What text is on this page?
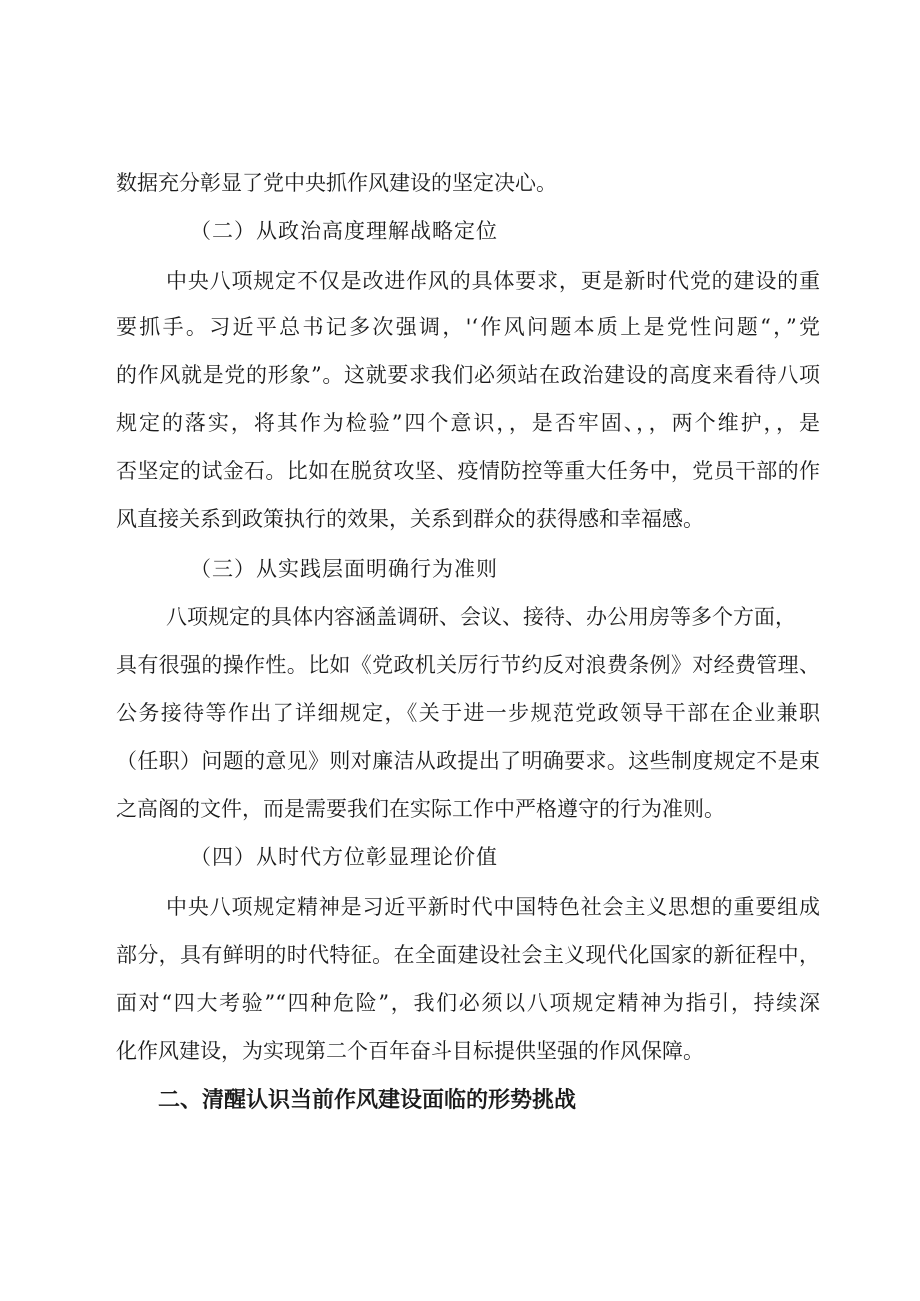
数据充分彰显了党中央抓作风建设的坚定决心。
（二）从政治高度理解战略定位
中央八项规定不仅是改进作风的具体要求，更是新时代党的建设的重
要抓手。习近平总书记多次强调，'‘作风问题本质上是党性问题“，”党
的作风就是党的形象”。这就要求我们必须站在政治建设的高度来看待八项
规定的落实，将其作为检验”四个意识，，是否牢固、，，两个维护，，是
否坚定的试金石。比如在脱贫攻坚、疫情防控等重大任务中，党员干部的作
风直接关系到政策执行的效果，关系到群众的获得感和幸福感。
（三）从实践层面明确行为准则
八项规定的具体内容涵盖调研、会议、接待、办公用房等多个方面，
具有很强的操作性。比如《党政机关厉行节约反对浪费条例》对经费管理、
公务接待等作出了详细规定，《关于进一步规范党政领导干部在企业兼职
（任职）问题的意见》则对廉洁从政提出了明确要求。这些制度规定不是束
之高阁的文件，而是需要我们在实际工作中严格遵守的行为准则。
（四）从时代方位彰显理论价值
中央八项规定精神是习近平新时代中国特色社会主义思想的重要组成
部分，具有鲜明的时代特征。在全面建设社会主义现代化国家的新征程中，
面对“四大考验”“四种危险”，我们必须以八项规定精神为指引，持续深
化作风建设，为实现第二个百年奋斗目标提供坚强的作风保障。
二、清醒认识当前作风建设面临的形势挑战
